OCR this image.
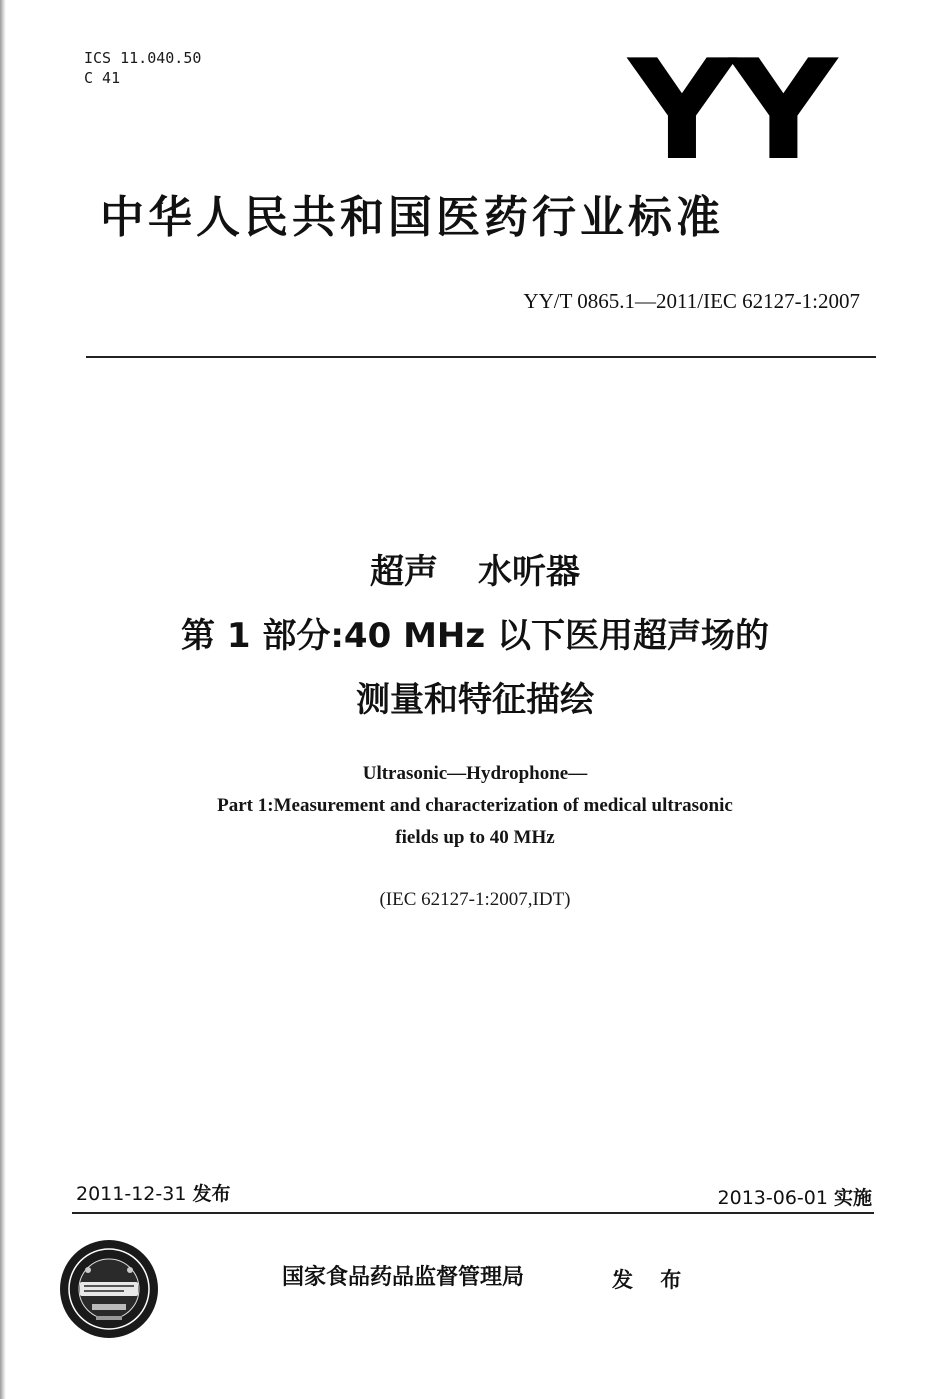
ICS 11.040.50
C 41	YY
中华人民共和国医药行业标准
YY/T 0865.1—2011/IEC 62127-1:2007
超声 水听器
第 1 部分:40 MHz 以下医用超声场的
测量和特征描绘
Ultrasonic—Hydrophone—
Part 1:Measurement and characterization of medical ultrasonic
fields up to 40 MHz
(IEC 62127-1:2007,IDT)
2011-12-31 发布	2013-06-01 实施
国家食品药品监督管理局	发 布
